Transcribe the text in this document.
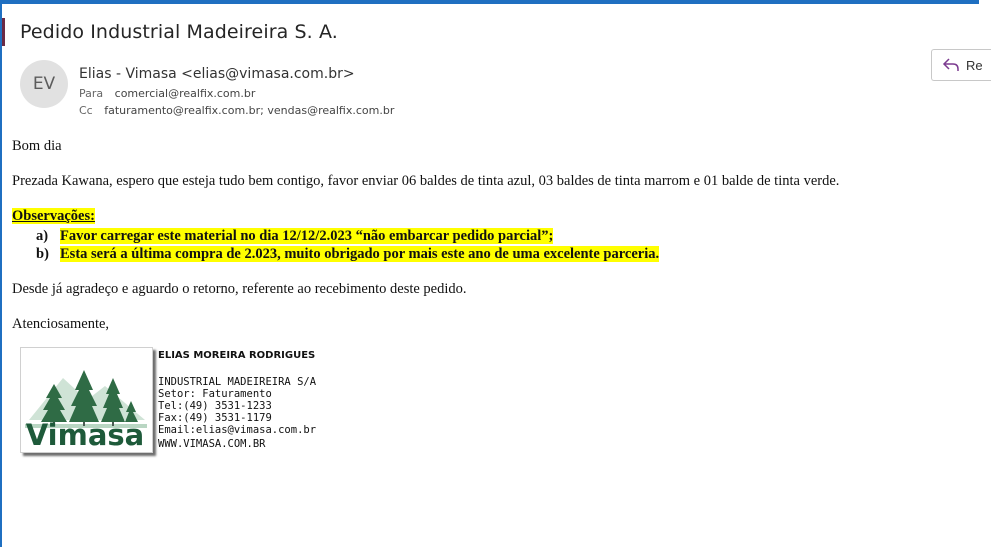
Pedido Industrial Madeireira S. A.
Re
EV	Elias - Vimasa <elias@vimasa.com.br>
Para comercial@realfix.com.br
Cc faturamento@realfix.com.br; vendas@realfix.com.br

Bom dia

Prezada Kawana, espero que esteja tudo bem contigo, favor enviar 06 baldes de tinta azul, 03 baldes de tinta marrom e 01 balde de tinta verde.

Observações:

a) Favor carregar este material no dia 12/12/2.023 “não embarcar pedido parcial”;
b) Esta será a última compra de 2.023, muito obrigado por mais este ano de uma excelente parceria.

Desde já agradeço e aguardo o retorno, referente ao recebimento deste pedido.

Atenciosamente,

Vimasa
ELIAS MOREIRA RODRIGUES
INDUSTRIAL MADEIREIRA S/A
Setor: Faturamento
Tel:(49) 3531-1233
Fax:(49) 3531-1179
Email:elias@vimasa.com.br
WWW.VIMASA.COM.BR
